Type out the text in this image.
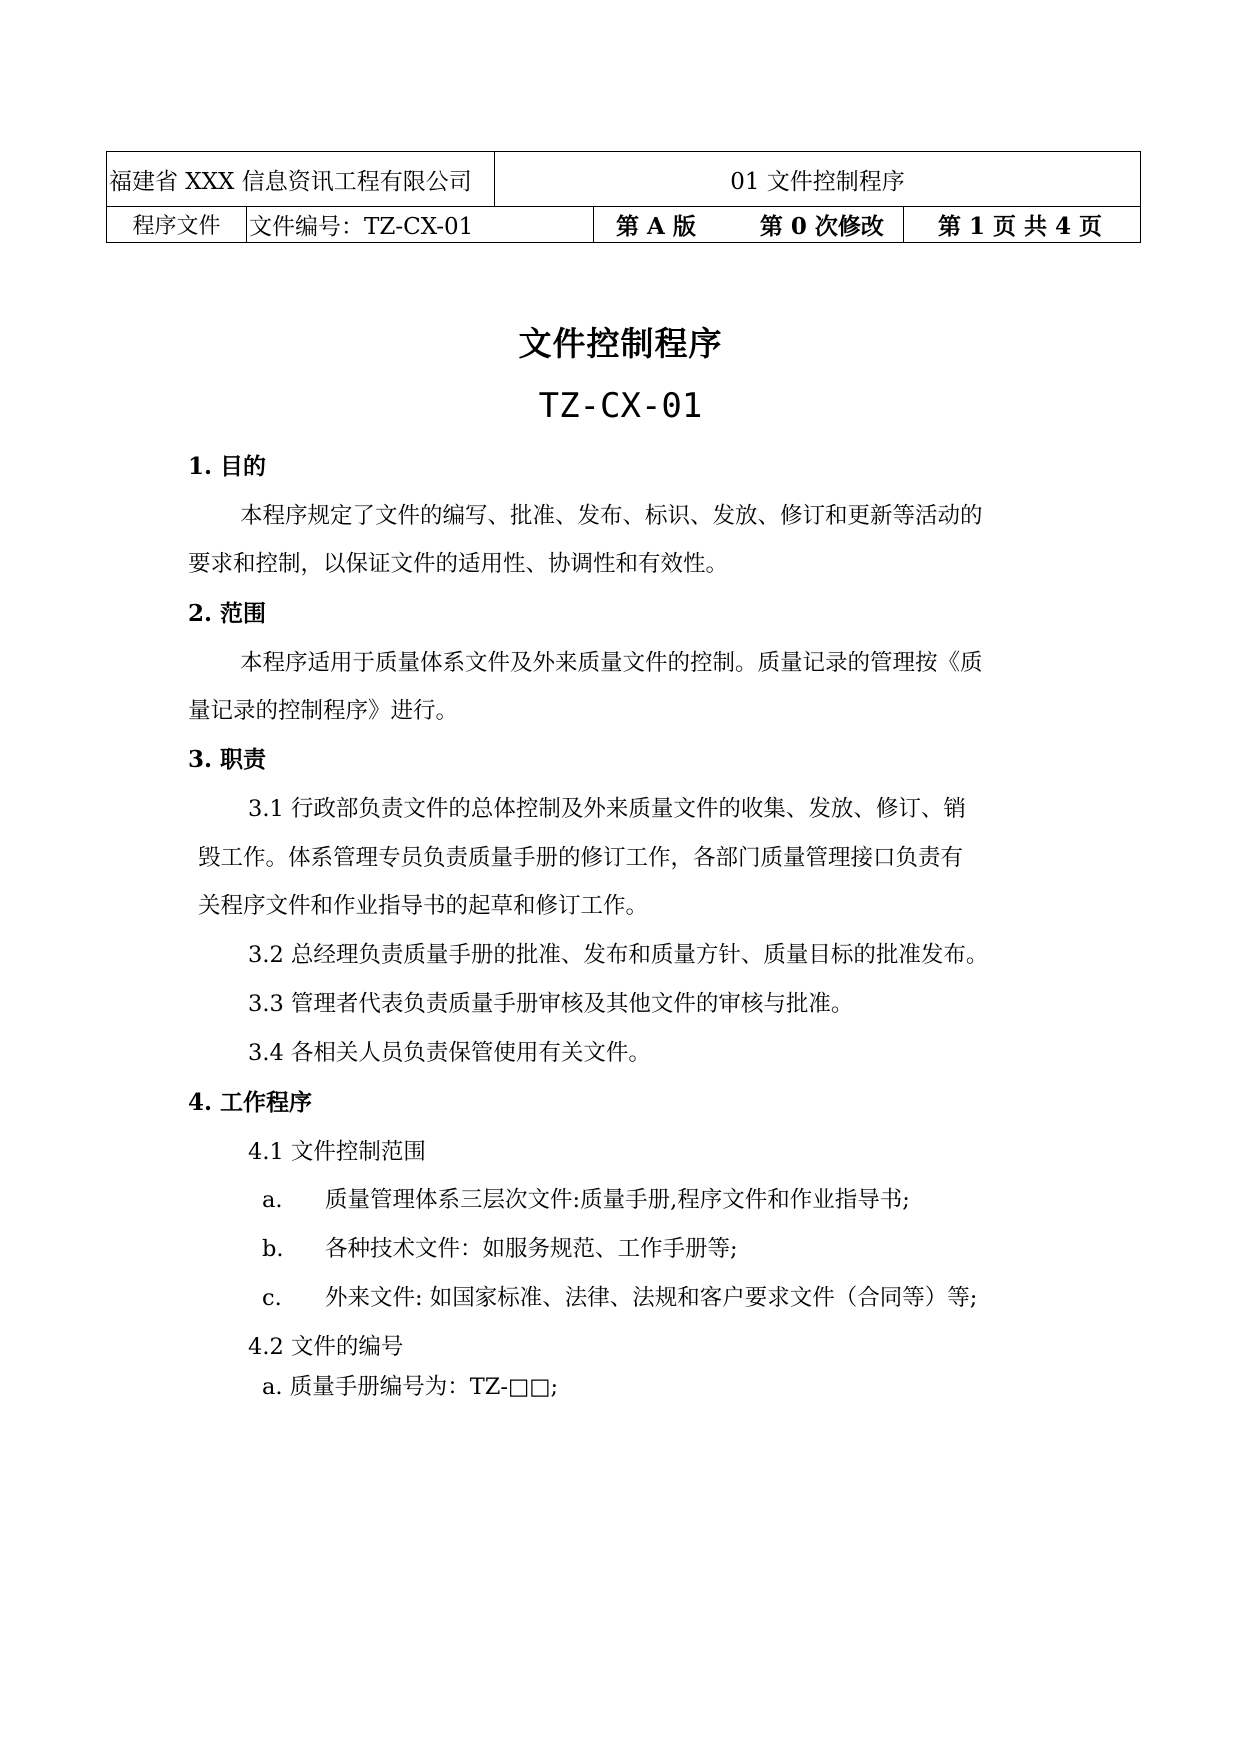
福建省 XXX 信息资讯工程有限公司	01 文件控制程序
程序文件	文件编号：TZ-CX-01	第 A 版	第 0 次修改	第 1 页 共 4 页
文件控制程序
TZ-CX-01
1. 目的
本程序规定了文件的编写、批准、发布、标识、发放、修订和更新等活动的
要求和控制，以保证文件的适用性、协调性和有效性。
2. 范围
本程序适用于质量体系文件及外来质量文件的控制。质量记录的管理按《质
量记录的控制程序》进行。
3. 职责
3.1 行政部负责文件的总体控制及外来质量文件的收集、发放、修订、销
毁工作。体系管理专员负责质量手册的修订工作，各部门质量管理接口负责有
关程序文件和作业指导书的起草和修订工作。
3.2 总经理负责质量手册的批准、发布和质量方针、质量目标的批准发布。
3.3 管理者代表负责质量手册审核及其他文件的审核与批准。
3.4 各相关人员负责保管使用有关文件。
4. 工作程序
4.1 文件控制范围
a. 质量管理体系三层次文件:质量手册,程序文件和作业指导书;
b. 各种技术文件：如服务规范、工作手册等;
c. 外来文件: 如国家标准、法律、法规和客户要求文件（合同等）等;
4.2 文件的编号
a. 质量手册编号为：TZ-□□;
